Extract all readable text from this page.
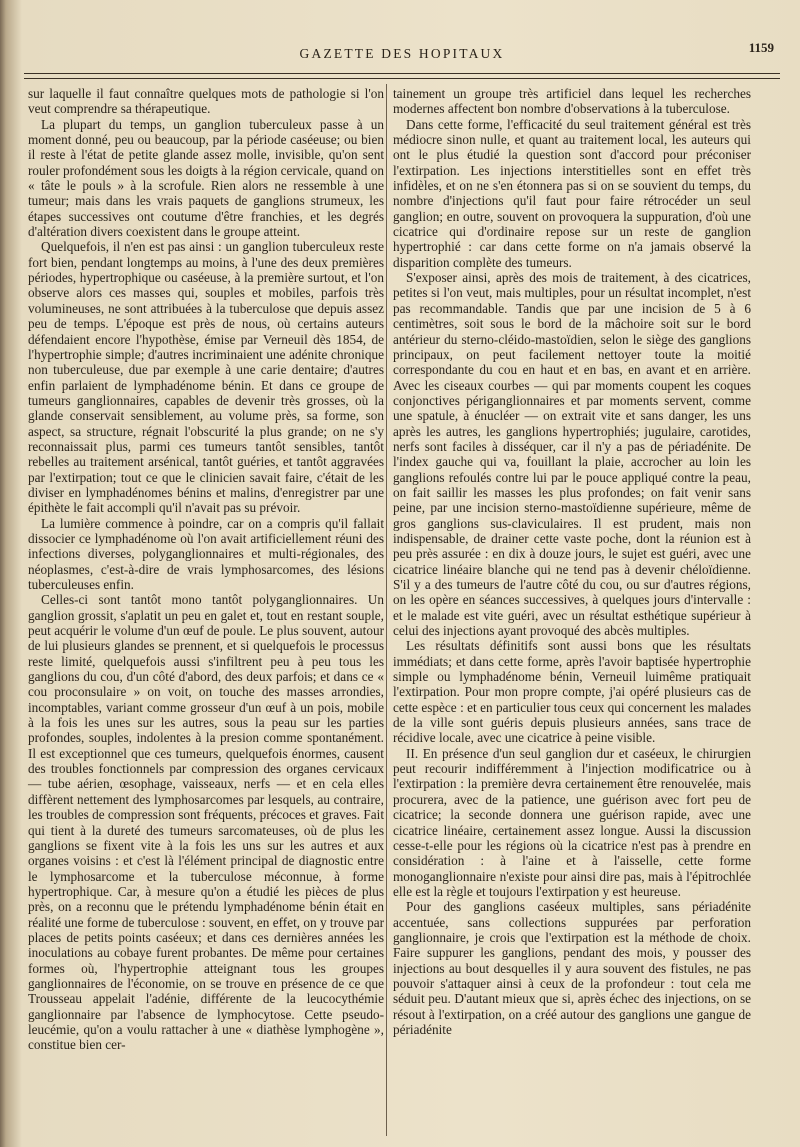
GAZETTE DES HOPITAUX	1159

sur laquelle il faut connaître quelques mots de pathologie si l'on veut comprendre sa thérapeutique.

La plupart du temps, un ganglion tuberculeux passe à un moment donné, peu ou beaucoup, par la période caséeuse; ou bien il reste à l'état de petite glande assez molle, invisible, qu'on sent rouler profondément sous les doigts à la région cervicale, quand on « tâte le pouls » à la scrofule. Rien alors ne ressemble à une tumeur; mais dans les vrais paquets de ganglions strumeux, les étapes successives ont coutume d'être franchies, et les degrés d'altération divers coexistent dans le groupe atteint.

Quelquefois, il n'en est pas ainsi : un ganglion tuberculeux reste fort bien, pendant longtemps au moins, à l'une des deux premières périodes, hypertrophique ou caséeuse, à la première surtout, et l'on observe alors ces masses qui, souples et mobiles, parfois très volumineuses, ne sont attribuées à la tuberculose que depuis assez peu de temps. L'époque est près de nous, où certains auteurs défendaient encore l'hypothèse, émise par Verneuil dès 1854, de l'hypertrophie simple; d'autres incriminaient une adénite chronique non tuberculeuse, due par exemple à une carie dentaire; d'autres enfin parlaient de lymphadénome bénin. Et dans ce groupe de tumeurs ganglionnaires, capables de devenir très grosses, où la glande conservait sensiblement, au volume près, sa forme, son aspect, sa structure, régnait l'obscurité la plus grande; on ne s'y reconnaissait plus, parmi ces tumeurs tantôt sensibles, tantôt rebelles au traitement arsénical, tantôt guéries, et tantôt aggravées par l'extirpation; tout ce que le clinicien savait faire, c'était de les diviser en lymphadénomes bénins et malins, d'enregistrer par une épithète le fait accompli qu'il n'avait pas su prévoir.

La lumière commence à poindre, car on a compris qu'il fallait dissocier ce lymphadénome où l'on avait artificiellement réuni des infections diverses, polyganglionnaires et multi-régionales, des néoplasmes, c'est-à-dire de vrais lymphosarcomes, des lésions tuberculeuses enfin.

Celles-ci sont tantôt mono tantôt polyganglionnaires. Un ganglion grossit, s'aplatit un peu en galet et, tout en restant souple, peut acquérir le volume d'un œuf de poule. Le plus souvent, autour de lui plusieurs glandes se prennent, et si quelquefois le processus reste limité, quelquefois aussi s'infiltrent peu à peu tous les ganglions du cou, d'un côté d'abord, des deux parfois; et dans ce « cou proconsulaire » on voit, on touche des masses arrondies, incomptables, variant comme grosseur d'un œuf à un pois, mobile à la fois les unes sur les autres, sous la peau sur les parties profondes, souples, indolentes à la presion comme spontanément. Il est exceptionnel que ces tumeurs, quelquefois énormes, causent des troubles fonctionnels par compression des organes cervicaux — tube aérien, œsophage, vaisseaux, nerfs — et en cela elles diffèrent nettement des lymphosarcomes par lesquels, au contraire, les troubles de compression sont fréquents, précoces et graves. Fait qui tient à la dureté des tumeurs sarcomateuses, où de plus les ganglions se fixent vite à la fois les uns sur les autres et aux organes voisins : et c'est là l'élément principal de diagnostic entre le lymphosarcome et la tuberculose méconnue, à forme hypertrophique. Car, à mesure qu'on a étudié les pièces de plus près, on a reconnu que le prétendu lymphadénome bénin était en réalité une forme de tuberculose : souvent, en effet, on y trouve par places de petits points caséeux; et dans ces dernières années les inoculations au cobaye furent probantes. De même pour certaines formes où, l'hypertrophie atteignant tous les groupes ganglionnaires de l'économie, on se trouve en présence de ce que Trousseau appelait l'adénie, différente de la leucocythémie ganglionnaire par l'absence de lymphocytose. Cette pseudo-leucémie, qu'on a voulu rattacher à une « diathèse lymphogène », constitue bien cer-

tainement un groupe très artificiel dans lequel les recherches modernes affectent bon nombre d'observations à la tuberculose.

Dans cette forme, l'efficacité du seul traitement général est très médiocre sinon nulle, et quant au traitement local, les auteurs qui ont le plus étudié la question sont d'accord pour préconiser l'extirpation. Les injections interstitielles sont en effet très infidèles, et on ne s'en étonnera pas si on se souvient du temps, du nombre d'injections qu'il faut pour faire rétrocéder un seul ganglion; en outre, souvent on provoquera la suppuration, d'où une cicatrice qui d'ordinaire repose sur un reste de ganglion hypertrophié : car dans cette forme on n'a jamais observé la disparition complète des tumeurs.

S'exposer ainsi, après des mois de traitement, à des cicatrices, petites si l'on veut, mais multiples, pour un résultat incomplet, n'est pas recommandable. Tandis que par une incision de 5 à 6 centimètres, soit sous le bord de la mâchoire soit sur le bord antérieur du sterno-cléido-mastoïdien, selon le siège des ganglions principaux, on peut facilement nettoyer toute la moitié correspondante du cou en haut et en bas, en avant et en arrière. Avec les ciseaux courbes — qui par moments coupent les coques conjonctives périganglionnaires et par moments servent, comme une spatule, à énucléer — on extrait vite et sans danger, les uns après les autres, les ganglions hypertrophiés; jugulaire, carotides, nerfs sont faciles à disséquer, car il n'y a pas de périadénite. De l'index gauche qui va, fouillant la plaie, accrocher au loin les ganglions refoulés contre lui par le pouce appliqué contre la peau, on fait saillir les masses les plus profondes; on fait venir sans peine, par une incision sterno-mastoïdienne supérieure, même de gros ganglions sus-claviculaires. Il est prudent, mais non indispensable, de drainer cette vaste poche, dont la réunion est à peu près assurée : en dix à douze jours, le sujet est guéri, avec une cicatrice linéaire blanche qui ne tend pas à devenir chéloïdienne. S'il y a des tumeurs de l'autre côté du cou, ou sur d'autres régions, on les opère en séances successives, à quelques jours d'intervalle : et le malade est vite guéri, avec un résultat esthétique supérieur à celui des injections ayant provoqué des abcès multiples.

Les résultats définitifs sont aussi bons que les résultats immédiats; et dans cette forme, après l'avoir baptisée hypertrophie simple ou lymphadénome bénin, Verneuil luimême pratiquait l'extirpation. Pour mon propre compte, j'ai opéré plusieurs cas de cette espèce : et en particulier tous ceux qui concernent les malades de la ville sont guéris depuis plusieurs années, sans trace de récidive locale, avec une cicatrice à peine visible.

II. En présence d'un seul ganglion dur et caséeux, le chirurgien peut recourir indifféremment à l'injection modificatrice ou à l'extirpation : la première devra certainement être renouvelée, mais procurera, avec de la patience, une guérison avec fort peu de cicatrice; la seconde donnera une guérison rapide, avec une cicatrice linéaire, certainement assez longue. Aussi la discussion cesse-t-elle pour les régions où la cicatrice n'est pas à prendre en considération : à l'aine et à l'aisselle, cette forme monoganglionnaire n'existe pour ainsi dire pas, mais à l'épitrochlée elle est la règle et toujours l'extirpation y est heureuse.

Pour des ganglions caséeux multiples, sans périadénite accentuée, sans collections suppurées par perforation ganglionnaire, je crois que l'extirpation est la méthode de choix. Faire suppurer les ganglions, pendant des mois, y pousser des injections au bout desquelles il y aura souvent des fistules, ne pas pouvoir s'attaquer ainsi à ceux de la profondeur : tout cela me séduit peu. D'autant mieux que si, après échec des injections, on se résout à l'extirpation, on a créé autour des ganglions une gangue de périadénite
